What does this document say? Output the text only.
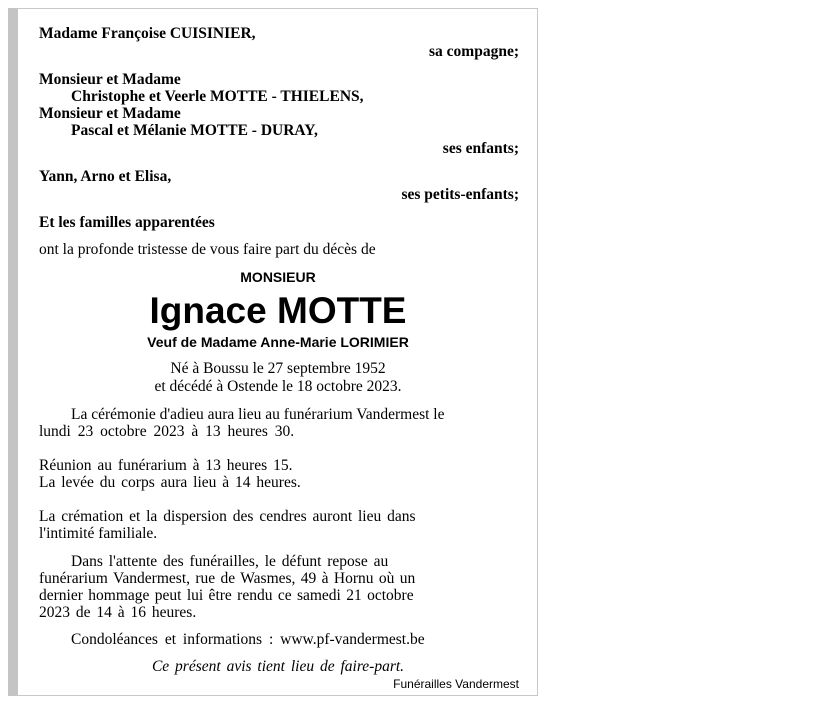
Madame Françoise CUISINIER,
sa compagne;
Monsieur et Madame
Christophe et Veerle MOTTE - THIELENS,
Monsieur et Madame
Pascal et Mélanie MOTTE - DURAY,
ses enfants;
Yann, Arno et Elisa,
ses petits-enfants;
Et les familles apparentées
ont la profonde tristesse de vous faire part du décès de
MONSIEUR
Ignace MOTTE
Veuf de Madame Anne-Marie LORIMIER
Né à Boussu le 27 septembre 1952
et décédé à Ostende le 18 octobre 2023.
La cérémonie d'adieu aura lieu au funérarium Vandermest le
lundi 23 octobre 2023 à 13 heures 30.
Réunion au funérarium à 13 heures 15.
La levée du corps aura lieu à 14 heures.
La crémation et la dispersion des cendres auront lieu dans
l'intimité familiale.
Dans l'attente des funérailles, le défunt repose au
funérarium Vandermest, rue de Wasmes, 49 à Hornu où un
dernier hommage peut lui être rendu ce samedi 21 octobre
2023 de 14 à 16 heures.
Condoléances et informations : www.pf-vandermest.be
Ce présent avis tient lieu de faire-part.
Funérailles Vandermest
